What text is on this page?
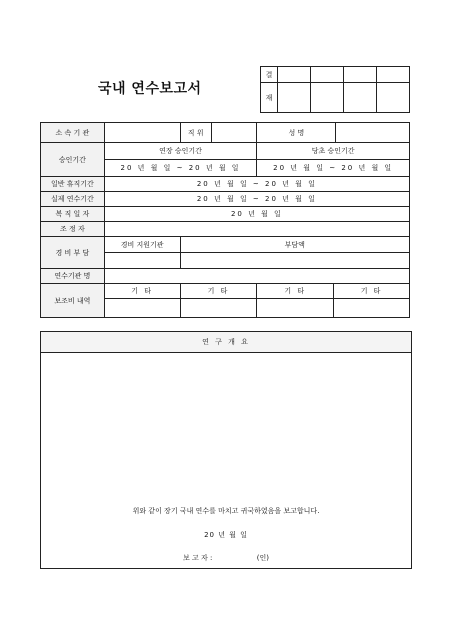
국내 연수보고서
결				
재				
소 속 기 관		직 위	성 명	

승인기간	연장 승인기간		당초 승인기간	
	20 년 월 일 ~ 20 년 월 일		20 년 월 일 ~ 20 년 월 일	
일반 휴직기간	20 년 월 일 ~ 20 년 월 일			
실제 연수기간	20 년 월 일 ~ 20 년 월 일			
복 직 일 자	20 년 월 일			
조 정 자				
경 비 부 담	경비 지원기관	부담액		

연수기관 명				
보조비 내역	기 타	기 타	기 타	기 타

연 구 개 요
위와 같이 장기 국내 연수를 마치고 귀국하였음을 보고합니다.
20 년 월 일
보 고 자 :	(인)
